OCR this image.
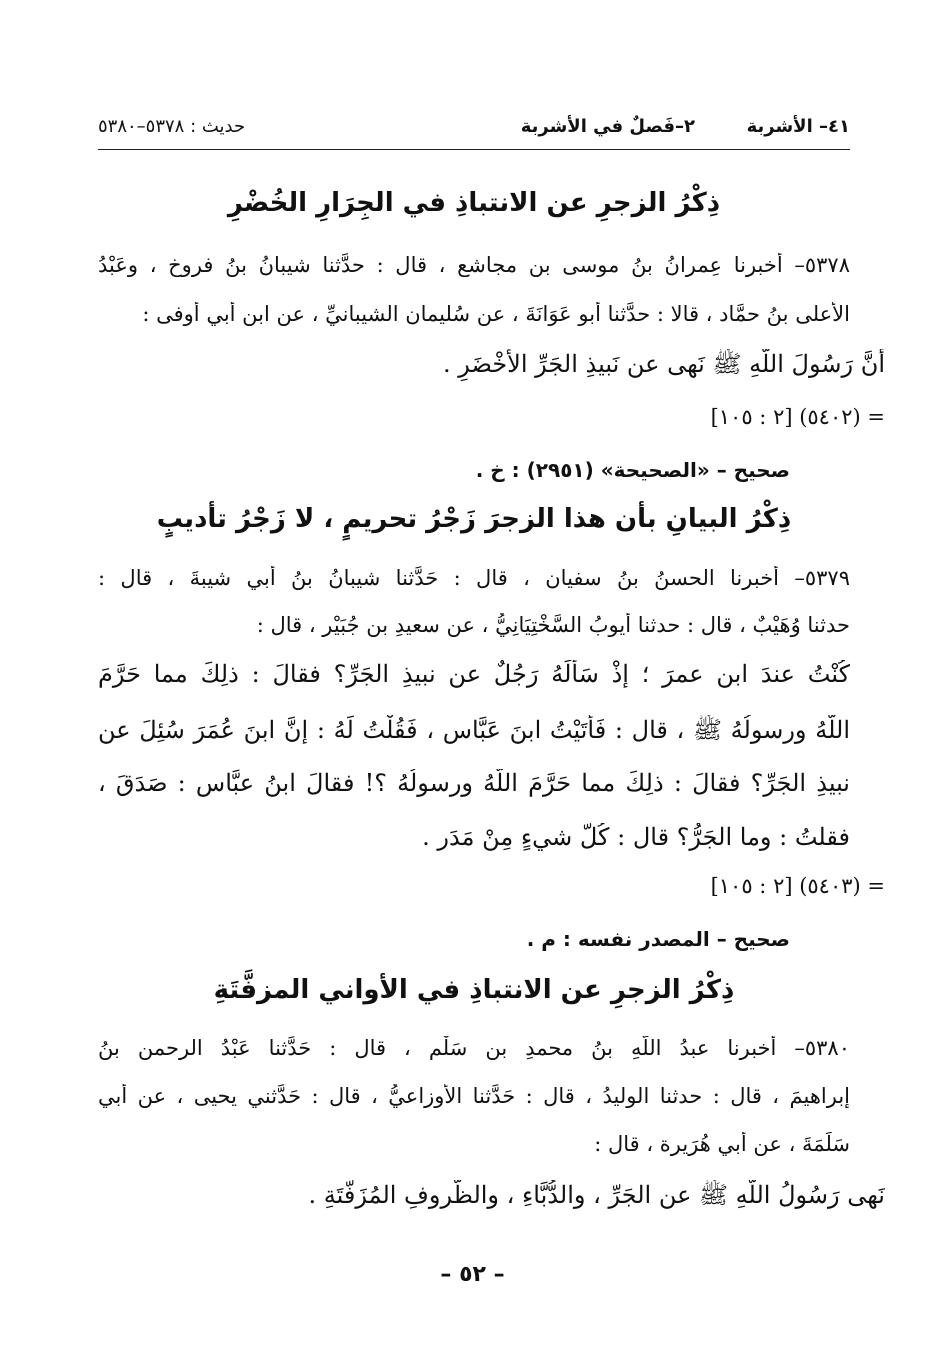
٤١– الأشربة
٢–فَصلٌ في الأشربة
حديث : ٥٣٧٨–٥٣٨٠
ذِكْرُ الزجرِ عن الانتباذِ في الجِرَارِ الخُضْرِ
٥٣٧٨– أخبرنا عِمرانُ بنُ موسى بن مجاشعٍ ، قال : حدَّثنا شيبانُ بنُ فروخ ، وعَبْدُ
الأعلى بنُ حمَّاد ، قالا : حدَّثنا أبو عَوَانَةَ ، عن سُليمان الشيبانيِّ ، عن ابنِ أبي أوفى :
أنَّ رَسُولَ اللَّهِ ﷺ نَهى عن نَبيذِ الجَرِّ الأَخْضَرِ .
= (٥٤٠٢) [٢ : ١٠٥]
صحيح – «الصحيحة» (٢٩٥١) : خ .
ذِكْرُ البيانِ بأن هذا الزجرَ زَجْرُ تحريمٍ ، لا زَجْرُ تأديبٍ
٥٣٧٩– أخبرنا الحسنُ بنُ سفيان ، قال : حَدَّثنا شيبانُ بنُ أبي شيبةَ ، قال :
حدثنا وُهَيْبٌ ، قال : حدثنا أيوبُ السَّخْتِيَانِيُّ ، عن سعيدِ بن جُبَيْرٍ ، قال :
كُنْتُ عندَ ابنِ عمرَ ؛ إذْ سَأَلَهُ رَجُلٌ عن نبيذِ الجَرِّ؟ فقالَ : ذلِكَ مما حَرَّمَ
اللَّهُ ورسولُهُ ﷺ ، قال : فَأَتَيْتُ ابنَ عَبَّاس ، فَقُلْتُ لَهُ : إنَّ ابنَ عُمَرَ سُئِلَ عن
نبيذِ الجَرِّ؟ فقالَ : ذلِكَ مما حَرَّمَ اللَّهُ ورسولُهُ ؟! فقالَ ابنُ عبَّاس : صَدَقَ ،
فقلتُ : وما الجَرُّ؟ قال : كُلُّ شيءٍ مِنْ مَدَرٍ .
= (٥٤٠٣) [٢ : ١٠٥]
صحيح – المصدر نفسه : م .
ذِكْرُ الزجرِ عن الانتباذِ في الأواني المزفَّتَةِ
٥٣٨٠– أخبرنا عبدُ اللَّهِ بنُ محمدِ بنِ سَلْمٍ ، قال : حَدَّثنا عَبْدُ الرحمنِ بنُ
إبراهيمَ ، قال : حدثنا الوليدُ ، قال : حَدَّثنا الأوزاعيُّ ، قال : حَدَّثني يحيى ، عن أبي
سَلَمَةَ ، عن أبي هُرَيرة ، قال :
نَهى رَسُولُ اللَّهِ ﷺ عن الجَرِّ ، والدُّبَّاءِ ، والظُّروفِ المُزَفَّتَةِ .
– ٥٢ –
